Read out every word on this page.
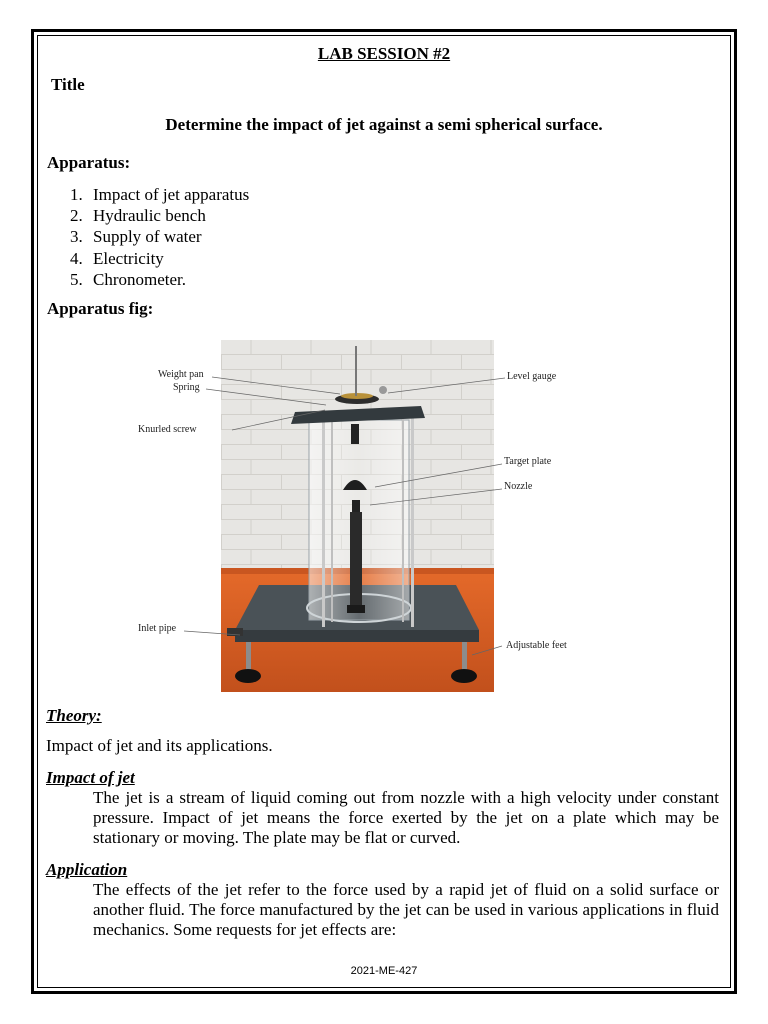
LAB SESSION #2
Title
Determine the impact of jet against a semi spherical surface.
Apparatus:
1. Impact of jet apparatus
2. Hydraulic bench
3. Supply of water
4. Electricity
5. Chronometer.
Apparatus fig:
Weight pan
Spring
Knurled screw
Inlet pipe
Level gauge
Target plate
Nozzle
Adjustable feet
Theory:
Impact of jet and its applications.
Impact of jet
The jet is a stream of liquid coming out from nozzle with a high velocity under constant pressure. Impact of jet means the force exerted by the jet on a plate which may be stationary or moving. The plate may be flat or curved.
Application
The effects of the jet refer to the force used by a rapid jet of fluid on a solid surface or another fluid. The force manufactured by the jet can be used in various applications in fluid mechanics. Some requests for jet effects are:
2021-ME-427
